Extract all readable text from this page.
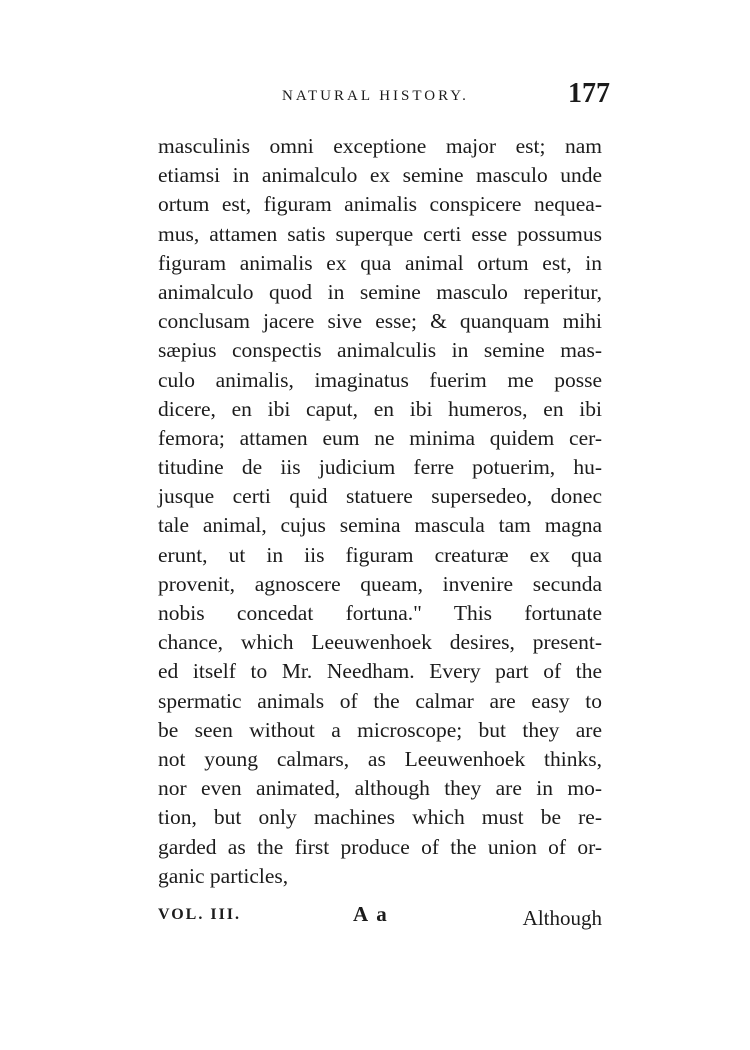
NATURAL HISTORY.	177
masculinis omni exceptione major est; nam
etiamsi in animalculo ex semine masculo unde
ortum est, figuram animalis conspicere nequea-
mus, attamen satis superque certi esse possumus
figuram animalis ex qua animal ortum est, in
animalculo quod in semine masculo reperitur,
conclusam jacere sive esse; & quanquam mihi
sæpius conspectis animalculis in semine mas-
culo animalis, imaginatus fuerim me posse
dicere, en ibi caput, en ibi humeros, en ibi
femora; attamen eum ne minima quidem cer-
titudine de iis judicium ferre potuerim, hu-
jusque certi quid statuere supersedeo, donec
tale animal, cujus semina mascula tam magna
erunt, ut in iis figuram creaturæ ex qua
provenit, agnoscere queam, invenire secunda
nobis concedat fortuna." This fortunate
chance, which Leeuwenhoek desires, present-
ed itself to Mr. Needham. Every part of the
spermatic animals of the calmar are easy to
be seen without a microscope; but they are
not young calmars, as Leeuwenhoek thinks,
nor even animated, although they are in mo-
tion, but only machines which must be re-
garded as the first produce of the union of or-
ganic particles,
VOL. III.	A a	Although
